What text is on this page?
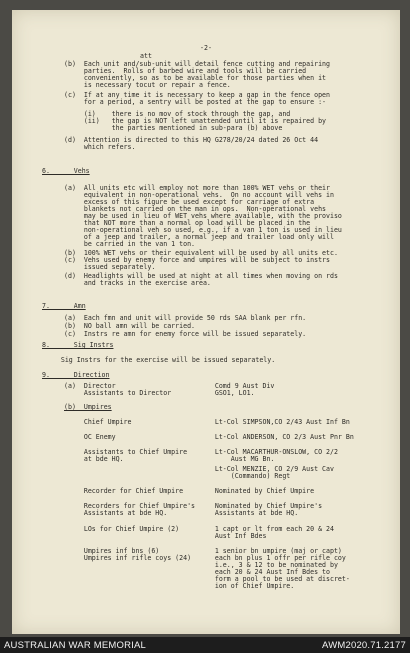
-2-
att
(b)  Each unit and/sub-unit will detail fence cutting and repairing
parties.  Rolls of barbed wire and tools will be carried
conveniently, so as to be available for those parties when it
is necessary tocut or repair a fence.
(c)  If at any time it is necessary to keep a gap in the fence open
for a period, a sentry will be posted at the gap to ensure :-
(i)    there is no mov of stock through the gap, and
(ii)   the gap is NOT left unattended until it is repaired by
the parties mentioned in sub-para (b) above
(d)  Attention is directed to this HQ G278/20/24 dated 26 Oct 44
which refers.
6.      Vehs
(a)  All units etc will employ not more than 100% WET vehs or their
equivalent in non-operational vehs.  On no account will vehs in
excess of this figure be used except for carriage of extra
blankets not carried on the man in ops.  Non-operational vehs
may be used in lieu of WET vehs where available, with the proviso
that NOT more than a normal op load will be placed in the
non-operational veh so used, e.g., if a van 1 ton is used in lieu
of a jeep and trailer, a normal jeep and trailer load only will
be carried in the van 1 ton.
(b)  100% WET vehs or their equivalent will be used by all units etc.
(c)  Vehs used by enemy force and umpires will be subject to instrs
issued separately.
(d)  Headlights will be used at night at all times when moving on rds
and tracks in the exercise area.
7.      Amn
(a)  Each fmn and unit will provide 50 rds SAA blank per rfn.
(b)  NO ball amn will be carried.
(c)  Instrs re amn for enemy force will be issued separately.
8.      Sig Instrs
Sig Instrs for the exercise will be issued separately.
9.      Direction
(a)  Director                         Comd 9 Aust Div
Assistants to Director           GSO1, LO1.
(b)  Umpires
Chief Umpire                     Lt-Col SIMPSON,CO 2/43 Aust Inf Bn
OC Enemy                         Lt-Col ANDERSON, CO 2/3 Aust Pnr Bn
Assistants to Chief Umpire       Lt-Col MACARTHUR-ONSLOW, CO 2/2
at bde HQ.                           Aust MG Bn.
Lt-Col MENZIE, CO 2/9 Aust Cav
(Commando) Regt
Recorder for Chief Umpire        Nominated by Chief Umpire
Recorders for Chief Umpire's     Nominated by Chief Umpire's
Assistants at bde HQ.            Assistants at bde HQ.
LOs for Chief Umpire (2)         1 capt or lt from each 20 & 24
Aust Inf Bdes
Umpires inf bns (6)              1 senior bn umpire (maj or capt)
Umpires inf rifle coys (24)      each bn plus 1 offr per rifle coy
i.e., 3 & 12 to be nominated by
each 20 & 24 Aust Inf Bdes to
form a pool to be used at discret-
ion of Chief Umpire.
AUSTRALIAN WAR MEMORIAL	AWM2020.71.2177
